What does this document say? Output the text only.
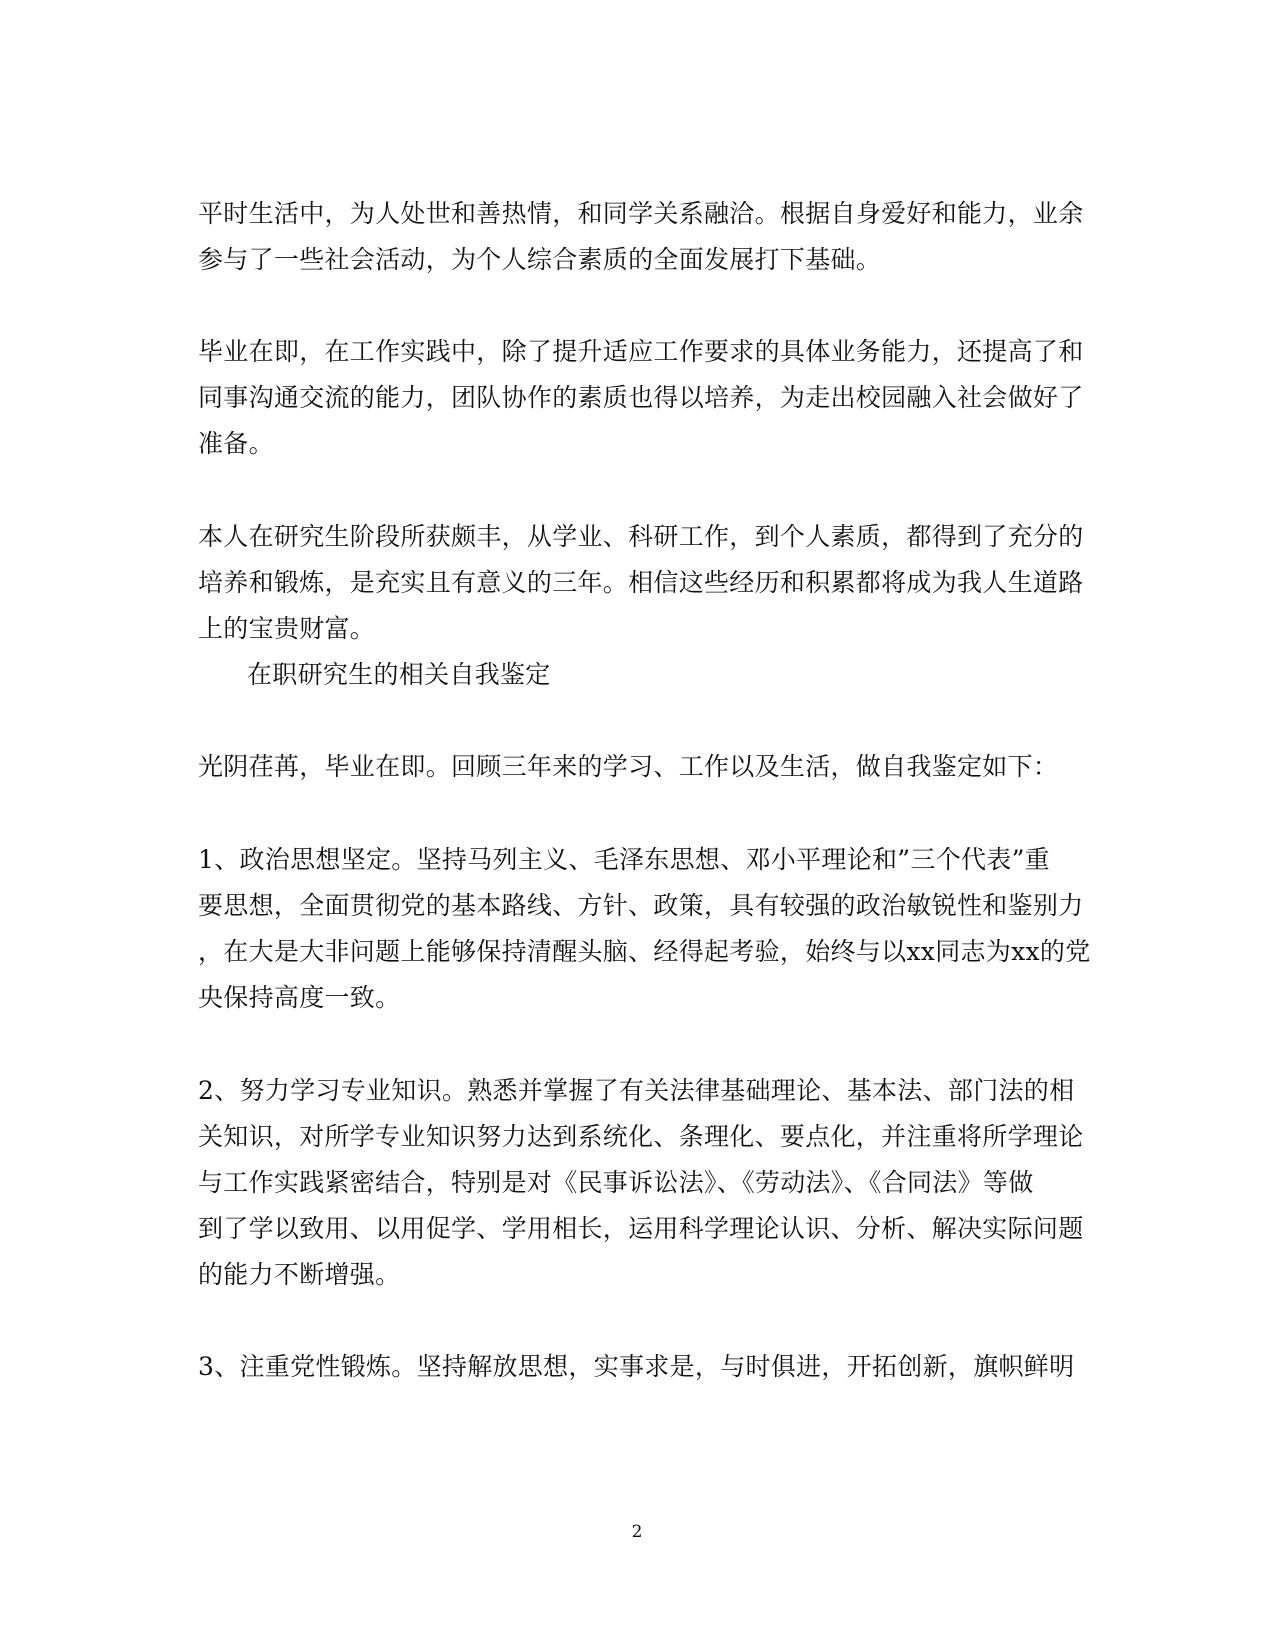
平时生活中，为人处世和善热情，和同学关系融洽。根据自身爱好和能力，业余
参与了一些社会活动，为个人综合素质的全面发展打下基础。
毕业在即，在工作实践中，除了提升适应工作要求的具体业务能力，还提高了和
同事沟通交流的能力，团队协作的素质也得以培养，为走出校园融入社会做好了
准备。
本人在研究生阶段所获颇丰，从学业、科研工作，到个人素质，都得到了充分的
培养和锻炼，是充实且有意义的三年。相信这些经历和积累都将成为我人生道路
上的宝贵财富。
在职研究生的相关自我鉴定
光阴荏苒，毕业在即。回顾三年来的学习、工作以及生活，做自我鉴定如下：
1、政治思想坚定。坚持马列主义、毛泽东思想、邓小平理论和”三个代表”重
要思想，全面贯彻党的基本路线、方针、政策，具有较强的政治敏锐性和鉴别力
，在大是大非问题上能够保持清醒头脑、经得起考验，始终与以xx同志为xx的党
央保持高度一致。
2、努力学习专业知识。熟悉并掌握了有关法律基础理论、基本法、部门法的相
关知识，对所学专业知识努力达到系统化、条理化、要点化，并注重将所学理论
与工作实践紧密结合，特别是对《民事诉讼法》、《劳动法》、《合同法》等做
到了学以致用、以用促学、学用相长，运用科学理论认识、分析、解决实际问题
的能力不断增强。
3、注重党性锻炼。坚持解放思想，实事求是，与时俱进，开拓创新，旗帜鲜明
2
